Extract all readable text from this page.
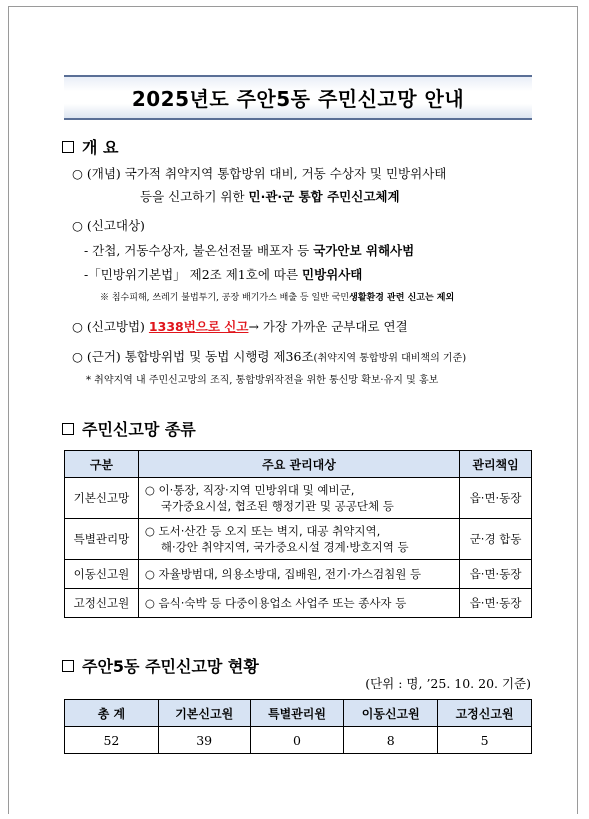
2025년도 주안5동 주민신고망 안내
개 요
○ (개념) 국가적 취약지역 통합방위 대비, 거동 수상자 및 민방위사태
등을 신고하기 위한 민·관·군 통합 주민신고체계
○ (신고대상)
- 간첩, 거동수상자, 불온선전물 배포자 등 국가안보 위해사범
-「민방위기본법」 제2조 제1호에 따른 민방위사태
※ 침수피해, 쓰레기 불법투기, 공장 배기가스 배출 등 일반 국민생활환경 관련 신고는 제외
○ (신고방법) 1338번으로 신고→ 가장 가까운 군부대로 연결
○ (근거) 통합방위법 및 동법 시행령 제36조(취약지역 통합방위 대비책의 기준)
* 취약지역 내 주민신고망의 조직, 통합방위작전을 위한 통신망 확보·유지 및 홍보
주민신고망 종류
구분	주요 관리대상	관리책임
기본신고망	○ 이·통장, 직장·지역 민방위대 및 예비군,
국가중요시설, 협조된 행정기관 및 공공단체 등	읍·면·동장
특별관리망	○ 도서·산간 등 오지 또는 벽지, 대공 취약지역,
해·강안 취약지역, 국가중요시설 경계·방호지역 등	군·경 합동
이동신고원	○ 자율방범대, 의용소방대, 집배원, 전기·가스검침원 등	읍·면·동장
고정신고원	○ 음식·숙박 등 다중이용업소 사업주 또는 종사자 등	읍·면·동장
주안5동 주민신고망 현황
(단위 : 명, ’25. 10. 20. 기준)
총 계	기본신고원	특별관리원	이동신고원	고정신고원
52	39	0	8	5
